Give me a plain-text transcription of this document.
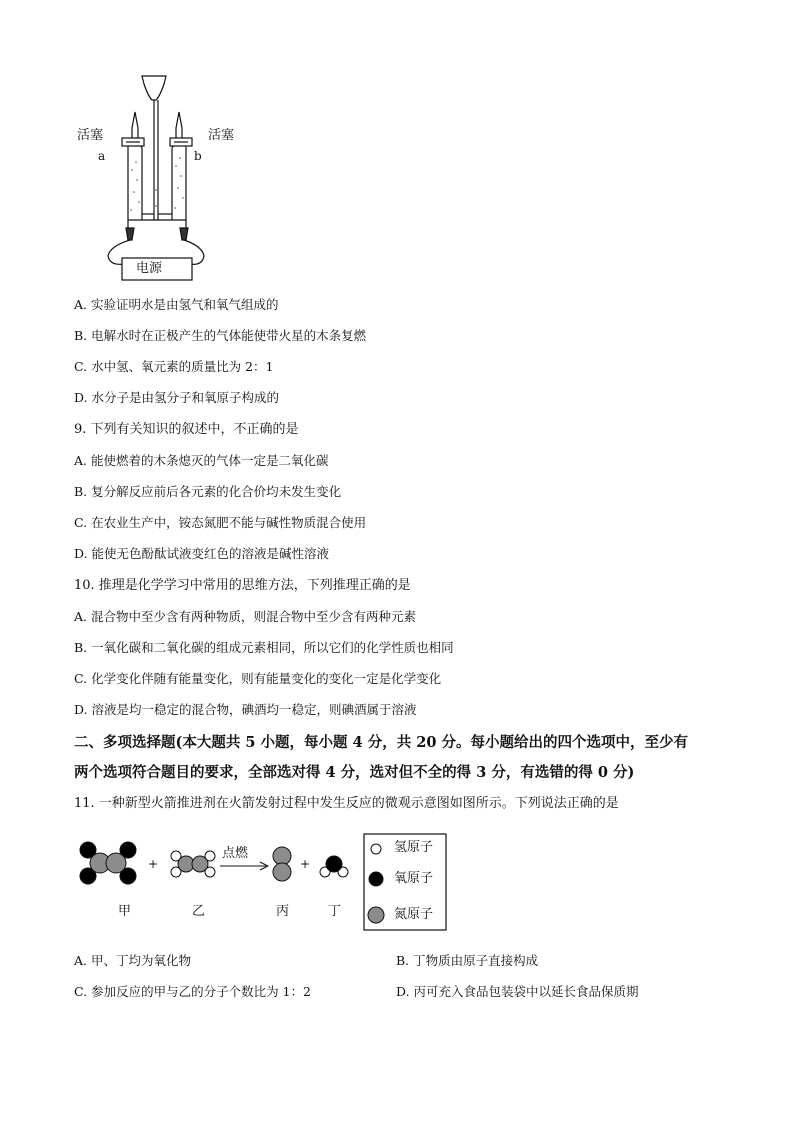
活塞	活塞
a	b
电源
A. 实验证明水是由氢气和氧气组成的
B. 电解水时在正极产生的气体能使带火星的木条复燃
C. 水中氢、氧元素的质量比为 2：1
D. 水分子是由氢分子和氧原子构成的
9. 下列有关知识的叙述中，不正确的是
A. 能使燃着的木条熄灭的气体一定是二氧化碳
B. 复分解反应前后各元素的化合价均未发生变化
C. 在农业生产中，铵态氮肥不能与碱性物质混合使用
D. 能使无色酚酞试液变红色的溶液是碱性溶液
10. 推理是化学学习中常用的思维方法，下列推理正确的是
A. 混合物中至少含有两种物质，则混合物中至少含有两种元素
B. 一氧化碳和二氧化碳的组成元素相同，所以它们的化学性质也相同
C. 化学变化伴随有能量变化，则有能量变化的变化一定是化学变化
D. 溶液是均一稳定的混合物，碘酒均一稳定，则碘酒属于溶液
二、多项选择题(本大题共 5 小题，每小题 4 分，共 20 分。每小题给出的四个选项中，至少有
两个选项符合题目的要求，全部选对得 4 分，选对但不全的得 3 分，有选错的得 0 分)
11. 一种新型火箭推进剂在火箭发射过程中发生反应的微观示意图如图所示。下列说法正确的是
+	+
点燃
甲	乙	丙	丁
氢原子
氧原子
氮原子
A. 甲、丁均为氧化物	B. 丁物质由原子直接构成
C. 参加反应的甲与乙的分子个数比为 1：2	D. 丙可充入食品包装袋中以延长食品保质期
